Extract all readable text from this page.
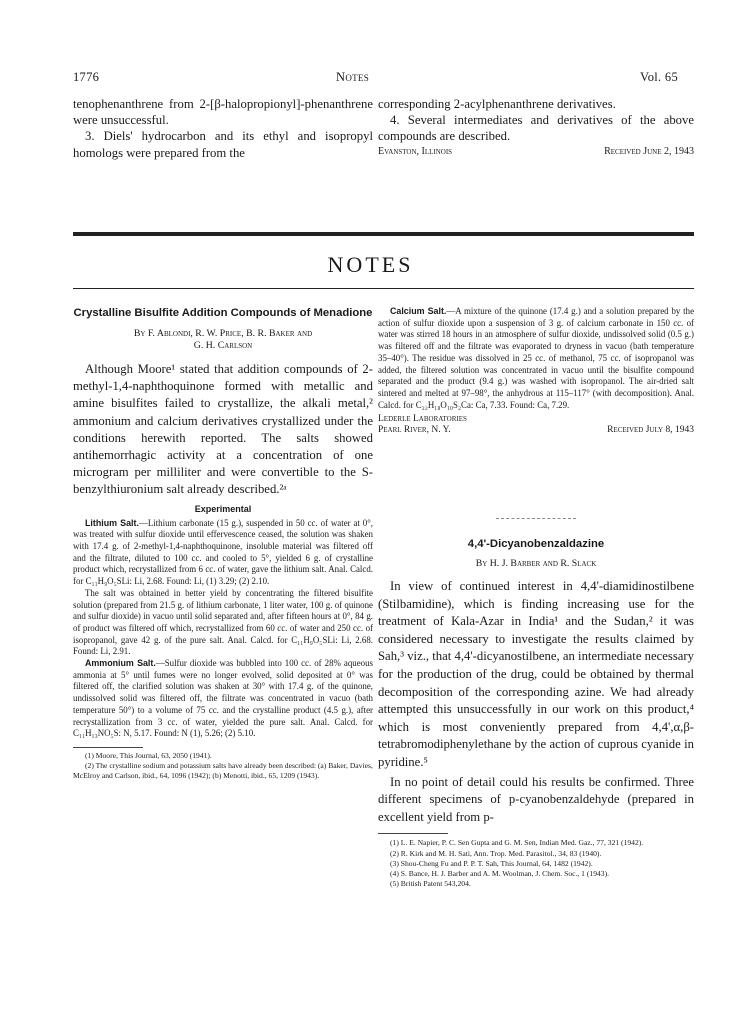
1776	Notes	Vol. 65

tenophenanthrene from 2-[β-halopropionyl]-phenanthrene were unsuccessful.

3. Diels' hydrocarbon and its ethyl and isopropyl homologs were prepared from the

corresponding 2-acylphenanthrene derivatives.

4. Several intermediates and derivatives of the above compounds are described.

Evanston, Illinois	Received June 2, 1943
NOTES
Crystalline Bisulfite Addition Compounds of Menadione
By F. Ablondi, R. W. Price, B. R. Baker and
G. H. Carlson

Although Moore¹ stated that addition compounds of 2-methyl-1,4-naphthoquinone formed with metallic and amine bisulfites failed to crystallize, the alkali metal,² ammonium and calcium derivatives crystallized under the conditions herewith reported. The salts showed antihemorrhagic activity at a concentration of one microgram per milliliter and were convertible to the S-benzylthiuronium salt already described.²ᵃ

Experimental

Lithium Salt.—Lithium carbonate (15 g.), suspended in 50 cc. of water at 0°, was treated with sulfur dioxide until effervescence ceased, the solution was shaken with 17.4 g. of 2-methyl-1,4-naphthoquinone, insoluble material was filtered off and the filtrate, diluted to 100 cc. and cooled to 5°, yielded 6 g. of crystalline product which, recrystallized from 6 cc. of water, gave the lithium salt. Anal. Calcd. for C₁₁H₉O₅SLi: Li, 2.68. Found: Li, (1) 3.29; (2) 2.10.

The salt was obtained in better yield by concentrating the filtered bisulfite solution (prepared from 21.5 g. of lithium carbonate, 1 liter water, 100 g. of quinone and sulfur dioxide) in vacuo until solid separated and, after fifteen hours at 0°, 84 g. of product was filtered off which, recrystallized from 60 cc. of water and 250 cc. of isopropanol, gave 42 g. of the pure salt. Anal. Calcd. for C₁₁H₉O₅SLi: Li, 2.68. Found: Li, 2.91.

Ammonium Salt.—Sulfur dioxide was bubbled into 100 cc. of 28% aqueous ammonia at 5° until fumes were no longer evolved, solid deposited at 0° was filtered off, the clarified solution was shaken at 30° with 17.4 g. of the quinone, undissolved solid was filtered off, the filtrate was concentrated in vacuo (bath temperature 50°) to a volume of 75 cc. and the crystalline product (4.5 g.), after recrystallization from 3 cc. of water, yielded the pure salt. Anal. Calcd. for C₁₁H₁₃NO₅S: N, 5.17. Found: N (1), 5.26; (2) 5.10.

(1) Moore, This Journal, 63, 2050 (1941).

(2) The crystalline sodium and potassium salts have already been described: (a) Baker, Davies, McElroy and Carlson, ibid., 64, 1096 (1942); (b) Menotti, ibid., 65, 1209 (1943).

Calcium Salt.—A mixture of the quinone (17.4 g.) and a solution prepared by the action of sulfur dioxide upon a suspension of 3 g. of calcium carbonate in 150 cc. of water was stirred 18 hours in an atmosphere of sulfur dioxide, undissolved solid (0.5 g.) was filtered off and the filtrate was evaporated to dryness in vacuo (bath temperature 35–40°). The residue was dissolved in 25 cc. of methanol, 75 cc. of isopropanol was added, the filtered solution was concentrated in vacuo until the bisulfite compound separated and the product (9.4 g.) was washed with isopropanol. The air-dried salt sintered and melted at 97–98°, the anhydrous at 115–117° (with decomposition). Anal. Calcd. for C₂₂H₁₈O₁₀S₂Ca: Ca, 7.33. Found: Ca, 7.29.

Lederle Laboratories
Pearl River, N. Y.	Received July 8, 1943
4,4'-Dicyanobenzaldazine
By H. J. Barber and R. Slack

In view of continued interest in 4,4'-diamidinostilbene (Stilbamidine), which is finding increasing use for the treatment of Kala-Azar in India¹ and the Sudan,² it was considered necessary to investigate the results claimed by Sah,³ viz., that 4,4'-dicyanostilbene, an intermediate necessary for the production of the drug, could be obtained by thermal decomposition of the corresponding azine. We had already attempted this unsuccessfully in our work on this product,⁴ which is most conveniently prepared from 4,4',α,β-tetrabromodiphenylethane by the action of cuprous cyanide in pyridine.⁵

In no point of detail could his results be confirmed. Three different specimens of p-cyanobenzaldehyde (prepared in excellent yield from p-

(1) L. E. Napier, P. C. Sen Gupta and G. M. Sen, Indian Med. Gaz., 77, 321 (1942).

(2) R. Kirk and M. H. Sati, Ann. Trop. Med. Parasitol., 34, 83 (1940).

(3) Shou-Cheng Fu and P. P. T. Sah, This Journal, 64, 1482 (1942).

(4) S. Bance, H. J. Barber and A. M. Woolman, J. Chem. Soc., 1 (1943).

(5) British Patent 543,204.
